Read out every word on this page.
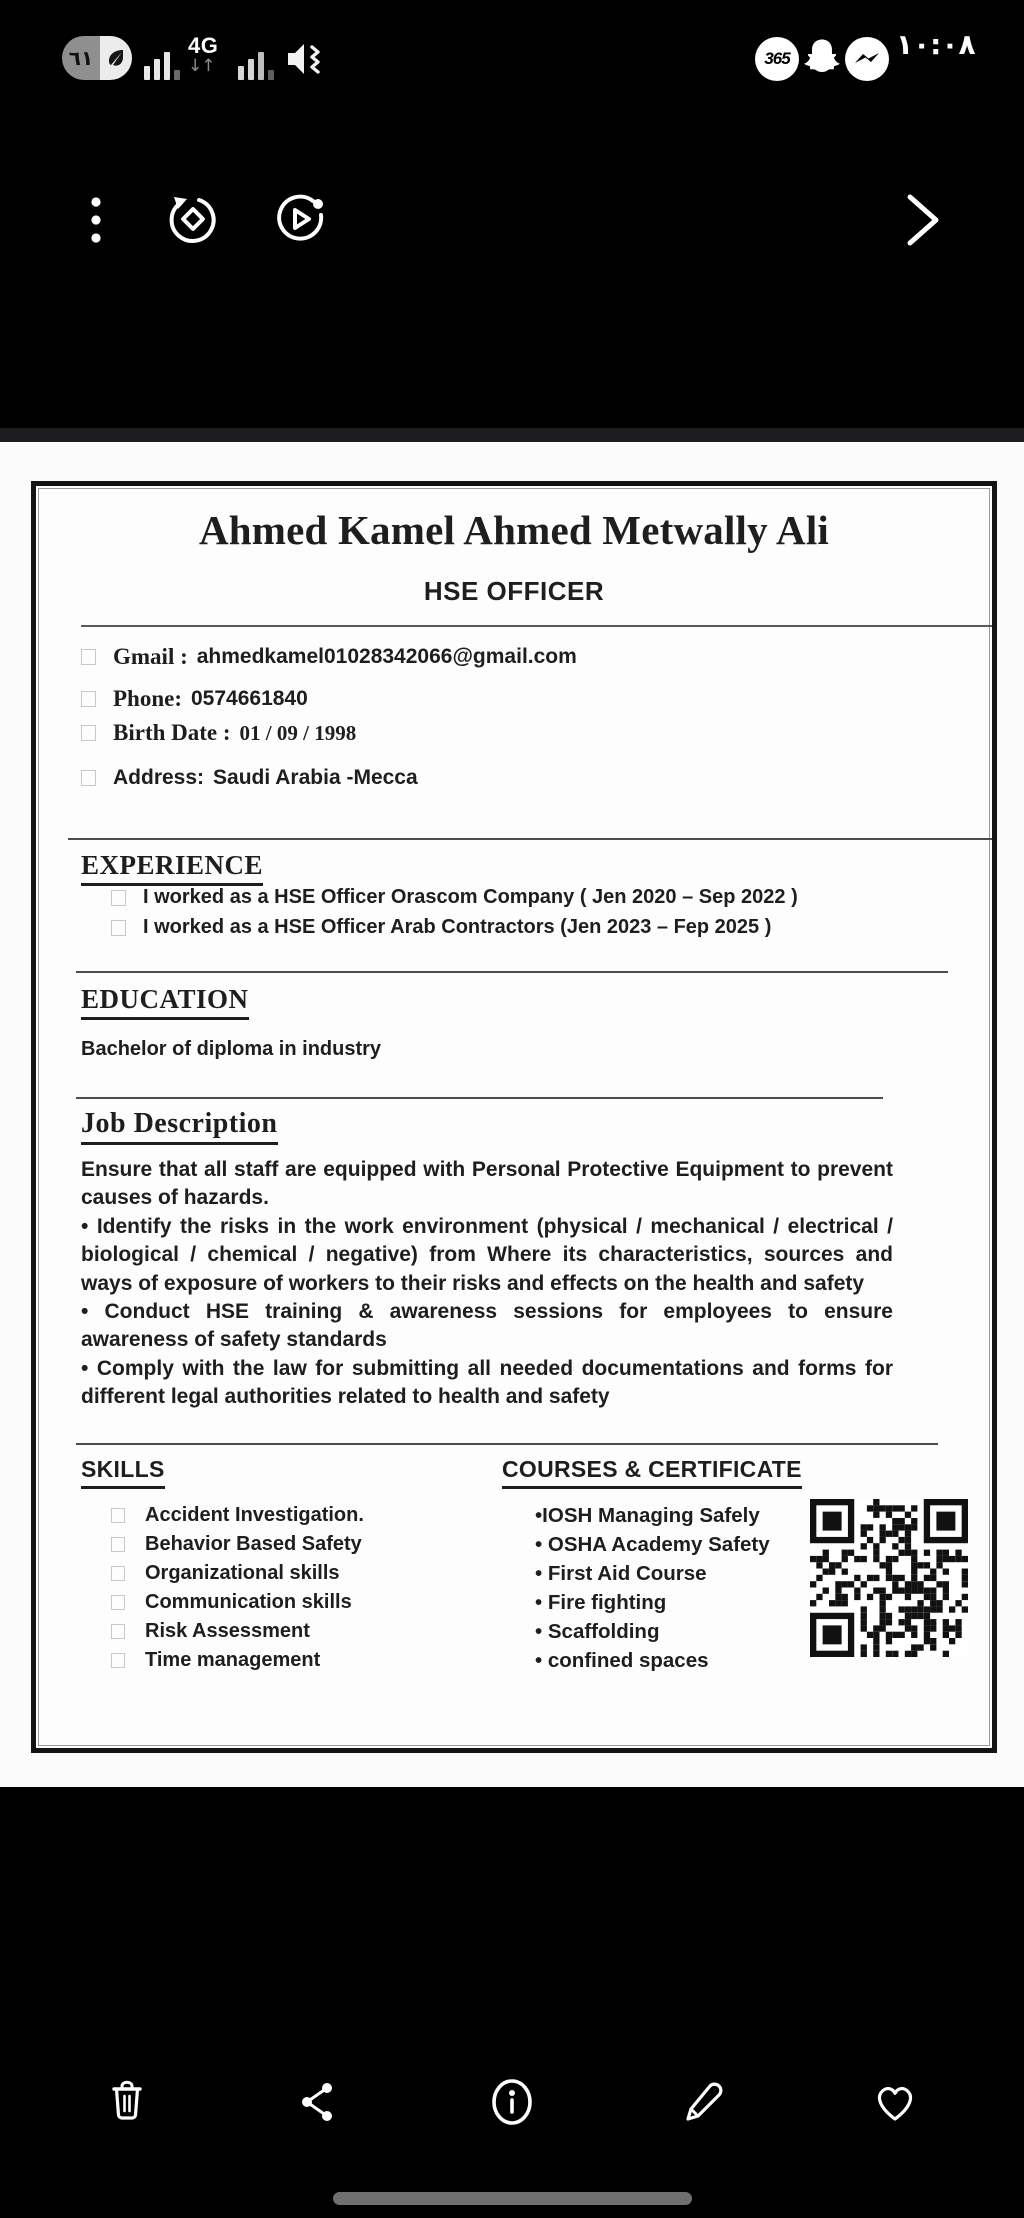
٦١	4G
↓↑	365	١٠:٠٨
Ahmed Kamel Ahmed Metwally Ali
HSE OFFICER
Gmail : ahmedkamel01028342066@gmail.com
Phone: 0574661840
Birth Date : 01 / 09 / 1998
Address: Saudi Arabia -Mecca
EXPERIENCE
I worked as a HSE Officer Orascom Company ( Jen 2020 – Sep 2022 )
I worked as a HSE Officer Arab Contractors (Jen 2023 – Fep 2025 )
EDUCATION
Bachelor of diploma in industry
Job Description

Ensure that all staff are equipped with Personal Protective Equipment to prevent causes of hazards.

• Identify the risks in the work environment (physical / mechanical / electrical / biological / chemical / negative) from Where its characteristics, sources and ways of exposure of workers to their risks and effects on the health and safety

• Conduct HSE training & awareness sessions for employees to ensure awareness of safety standards

• Comply with the law for submitting all needed documentations and forms for different legal authorities related to health and safety

SKILLS	COURSES & CERTIFICATE
Accident Investigation.
Behavior Based Safety
Organizational skills
Communication skills
Risk Assessment
Time management
•IOSH Managing Safely
• OSHA Academy Safety
• First Aid Course
• Fire fighting
• Scaffolding
• confined spaces
